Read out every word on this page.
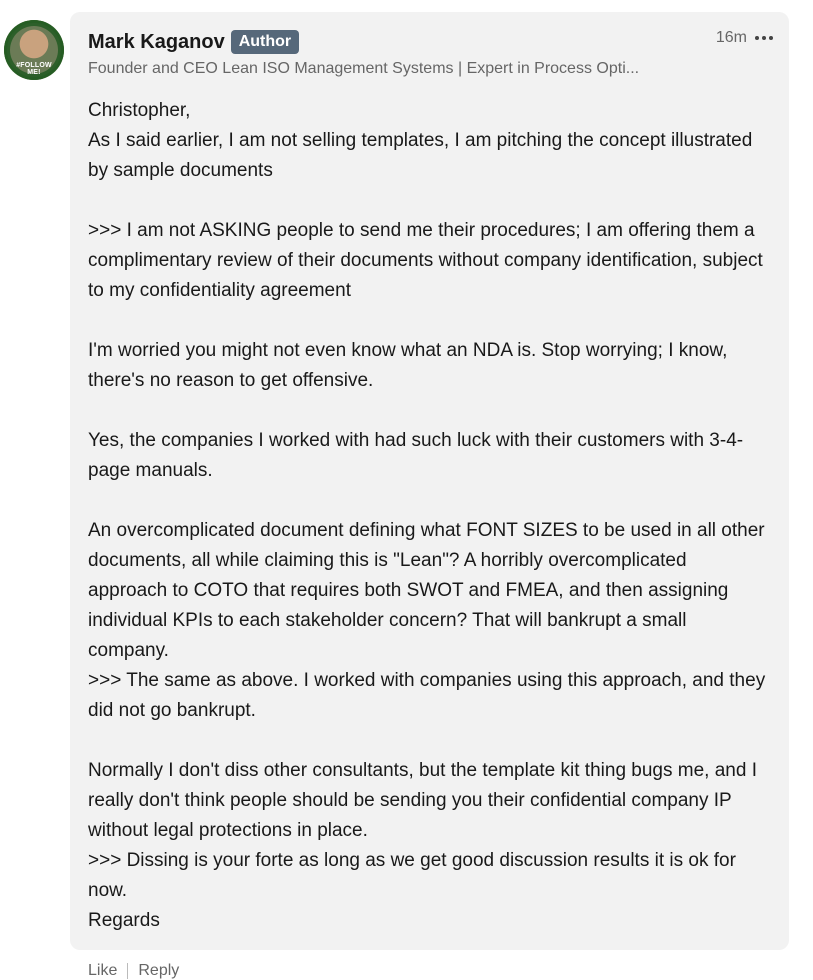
#FOLLOW ME!
Mark Kaganov Author	16m
Founder and CEO Lean ISO Management Systems | Expert in Process Opti...

Christopher,

As I said earlier, I am not selling templates, I am pitching the concept illustrated by sample documents

>>> I am not ASKING people to send me their procedures; I am offering them a complimentary review of their documents without company identification, subject to my confidentiality agreement

I'm worried you might not even know what an NDA is. Stop worrying; I know, there's no reason to get offensive.

Yes, the companies I worked with had such luck with their customers with 3-4-page manuals.

An overcomplicated document defining what FONT SIZES to be used in all other documents, all while claiming this is "Lean"? A horribly overcomplicated approach to COTO that requires both SWOT and FMEA, and then assigning individual KPIs to each stakeholder concern? That will bankrupt a small company.

>>> The same as above. I worked with companies using this approach, and they did not go bankrupt.

Normally I don't diss other consultants, but the template kit thing bugs me, and I really don't think people should be sending you their confidential company IP without legal protections in place.

>>> Dissing is your forte as long as we get good discussion results it is ok for now.

Regards

Like Reply
